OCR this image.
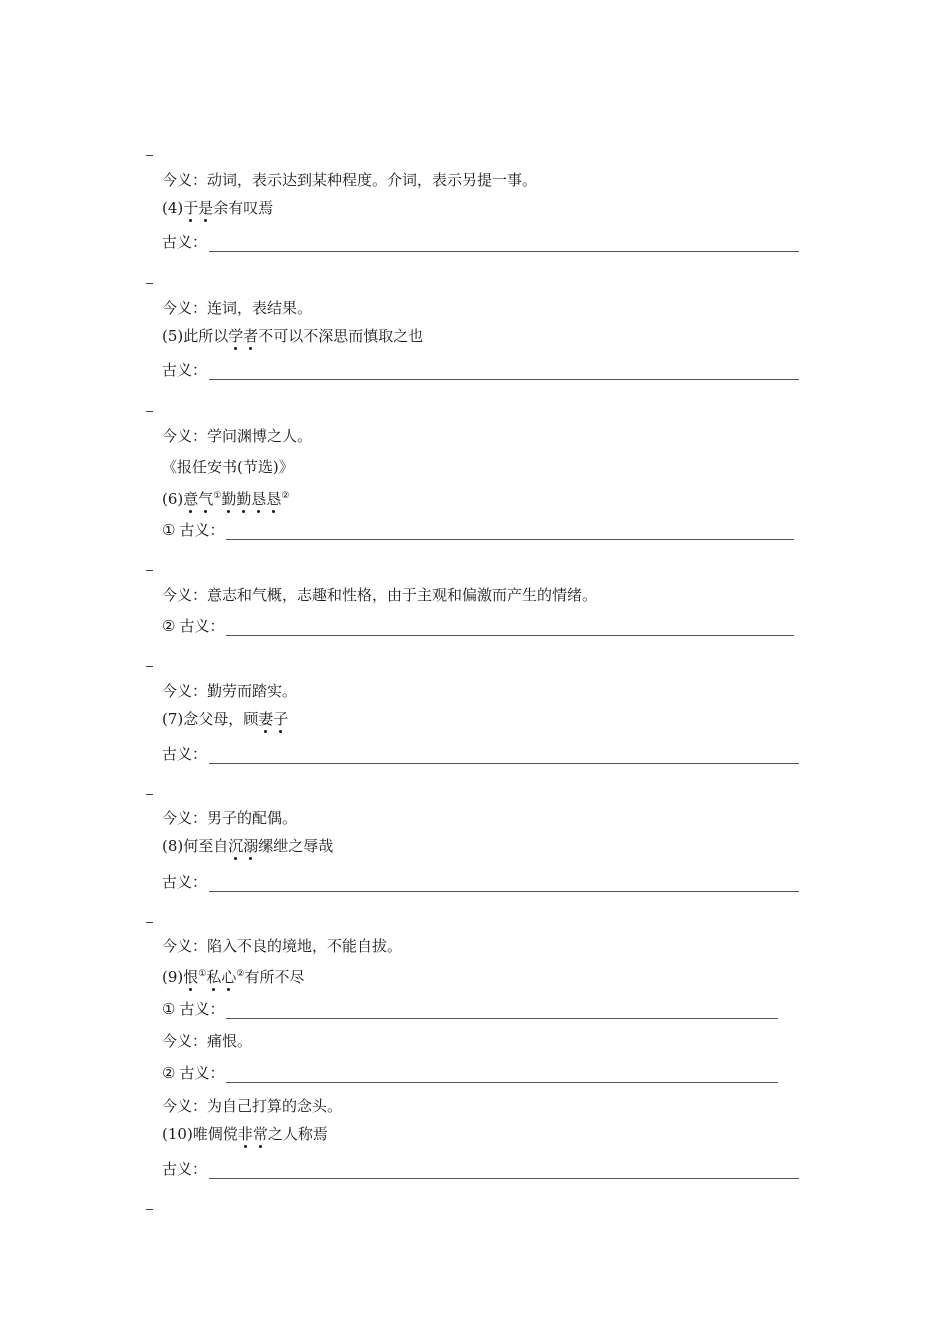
今义：动词，表示达到某种程度。介词，表示另提一事。
(4)于是余有叹焉
古义：
今义：连词，表结果。
(5)此所以学者不可以不深思而慎取之也
古义：
今义：学问渊博之人。
《报任安书(节选)》
(6)意气①勤勤恳恳②
① 古义：
今义：意志和气概，志趣和性格，由于主观和偏激而产生的情绪。
② 古义：
今义：勤劳而踏实。
(7)念父母，顾妻子
古义：
今义：男子的配偶。
(8)何至自沉溺缧绁之辱哉
古义：
今义：陷入不良的境地，不能自拔。
(9)恨①私心②有所不尽
① 古义：
今义：痛恨。
② 古义：
今义：为自己打算的念头。
(10)唯倜傥非常之人称焉
古义：
